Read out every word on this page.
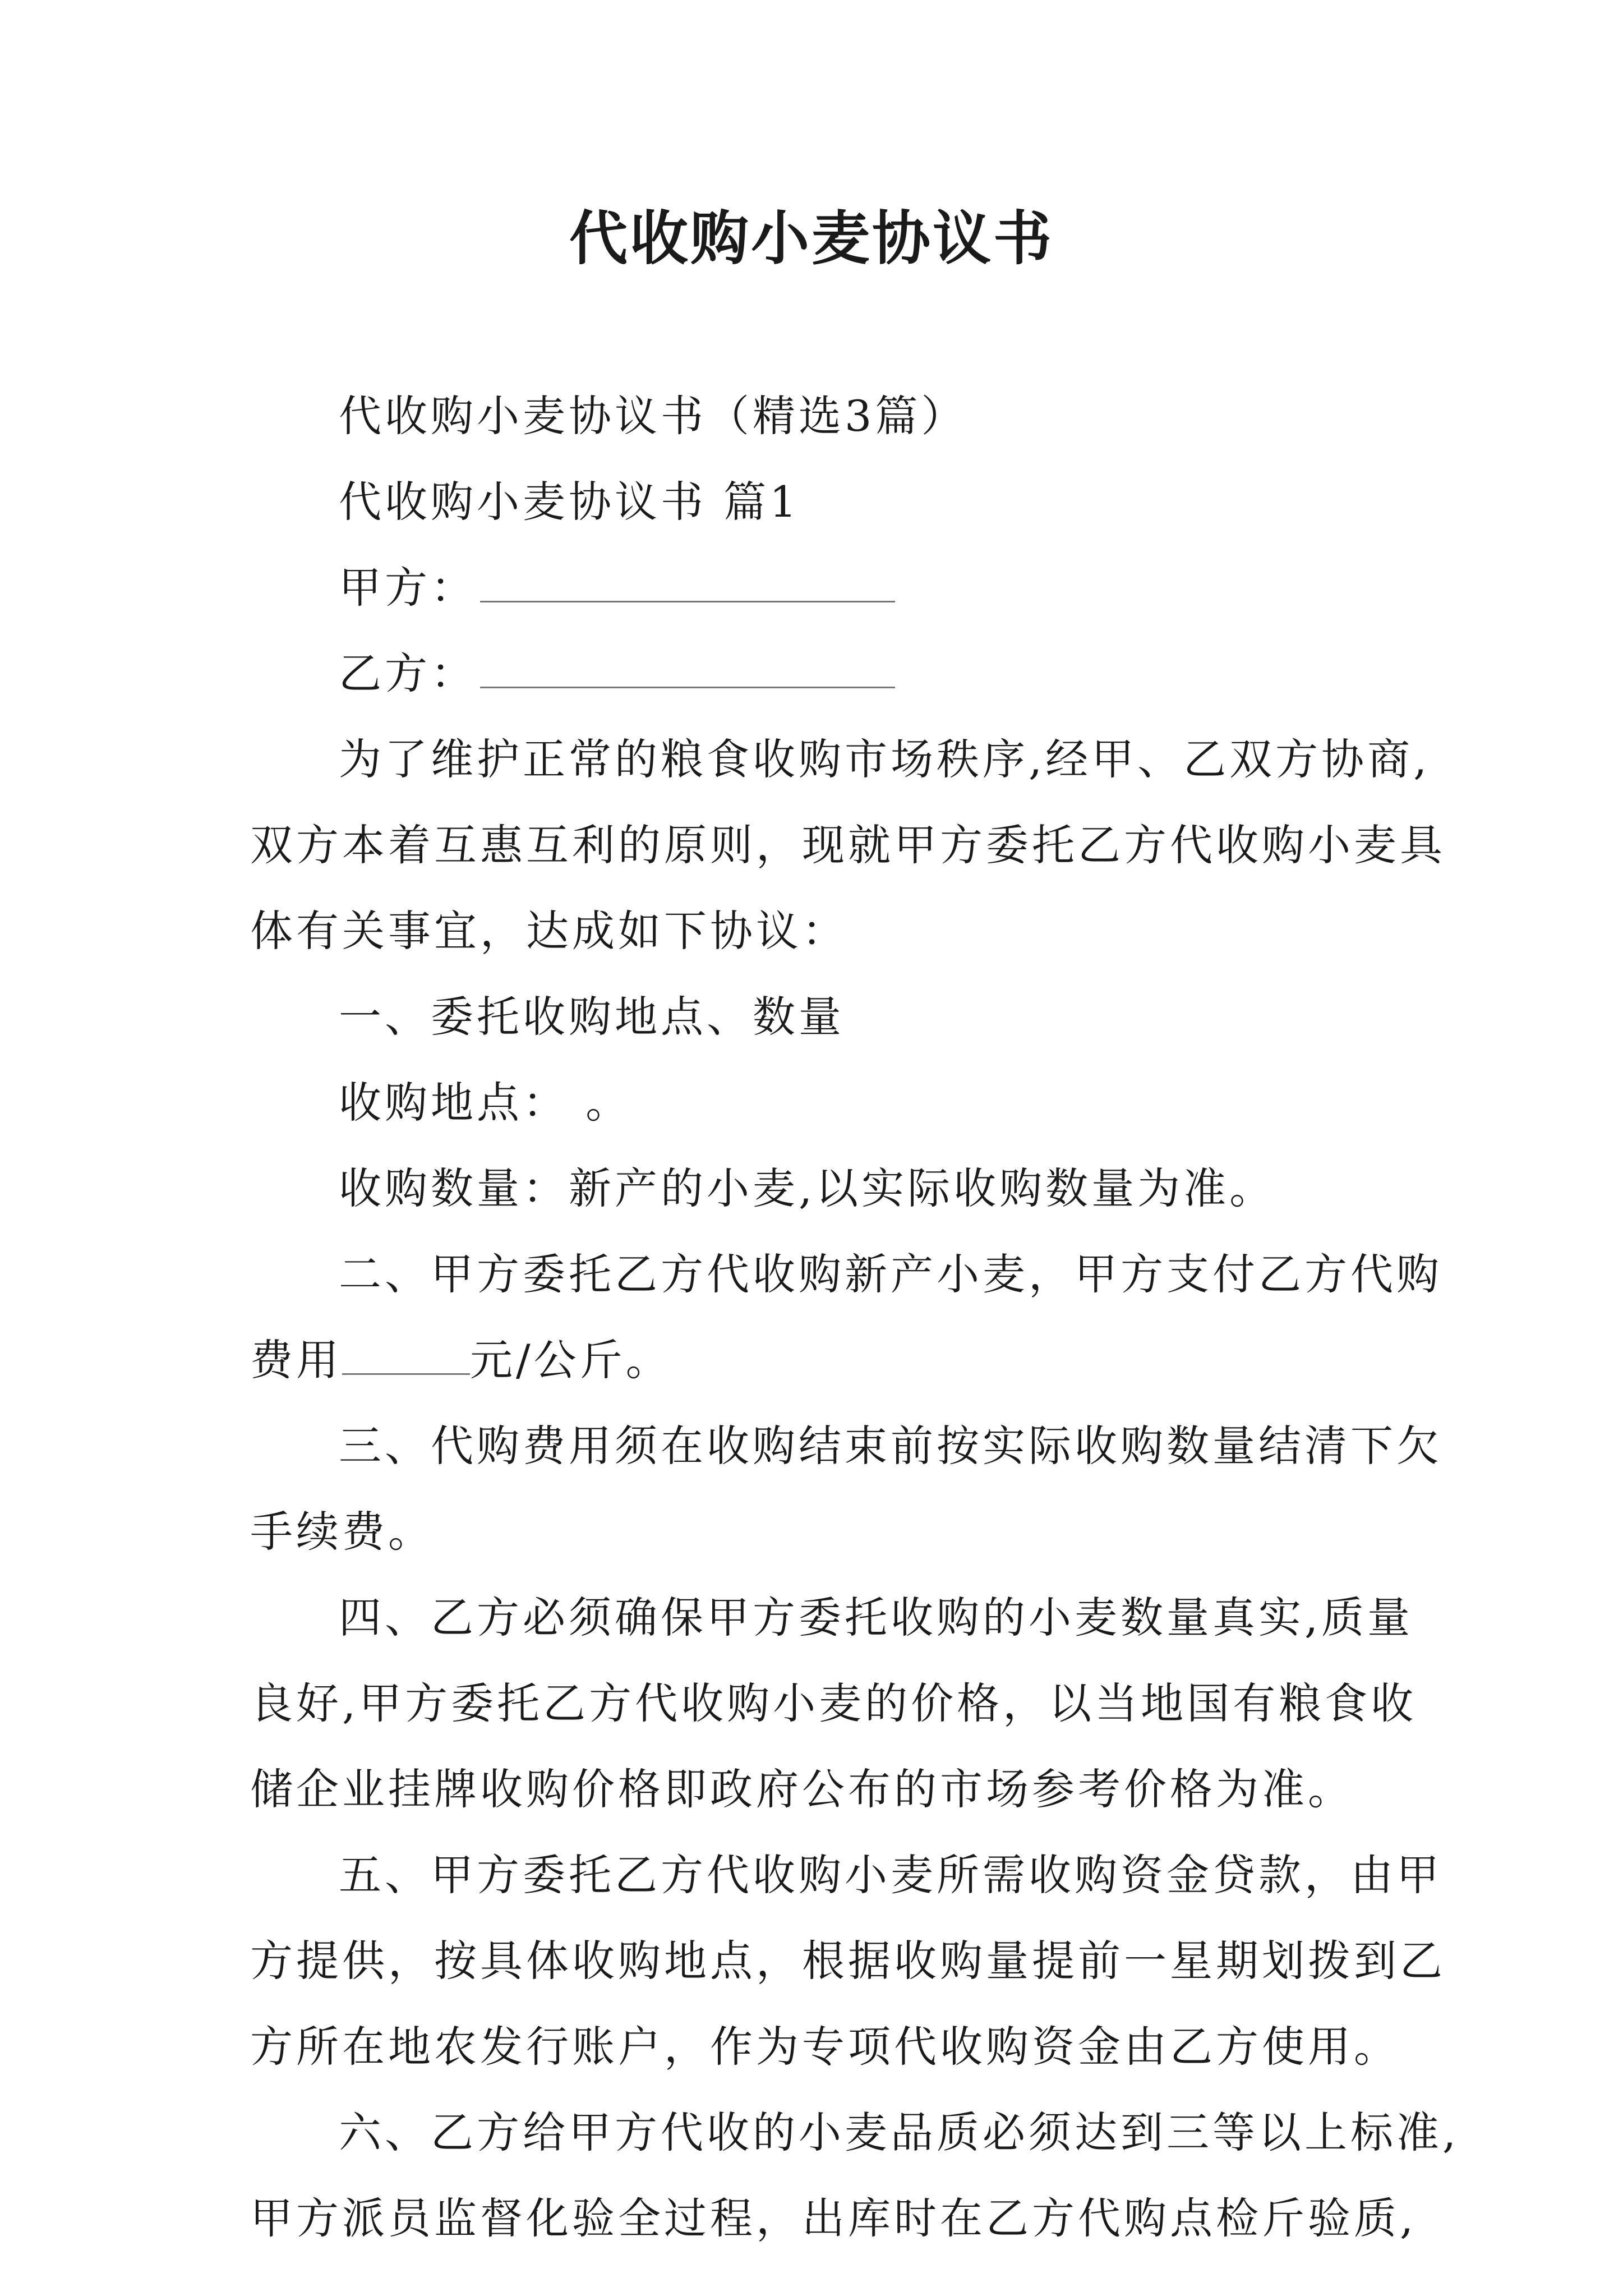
代收购小麦协议书
代收购小麦协议书（精选3篇）
代收购小麦协议书 篇1
甲方：
乙方：
为了维护正常的粮食收购市场秩序,经甲、乙双方协商,
双方本着互惠互利的原则，现就甲方委托乙方代收购小麦具
体有关事宜，达成如下协议：
一、委托收购地点、数量
收购地点： 。
收购数量：新产的小麦,以实际收购数量为准。
二、甲方委托乙方代收购新产小麦，甲方支付乙方代购
费用	元/公斤。
三、代购费用须在收购结束前按实际收购数量结清下欠
手续费。
四、乙方必须确保甲方委托收购的小麦数量真实,质量
良好,甲方委托乙方代收购小麦的价格，以当地国有粮食收
储企业挂牌收购价格即政府公布的市场参考价格为准。
五、甲方委托乙方代收购小麦所需收购资金贷款，由甲
方提供，按具体收购地点，根据收购量提前一星期划拨到乙
方所在地农发行账户，作为专项代收购资金由乙方使用。
六、乙方给甲方代收的小麦品质必须达到三等以上标准,
甲方派员监督化验全过程，出库时在乙方代购点检斤验质,
